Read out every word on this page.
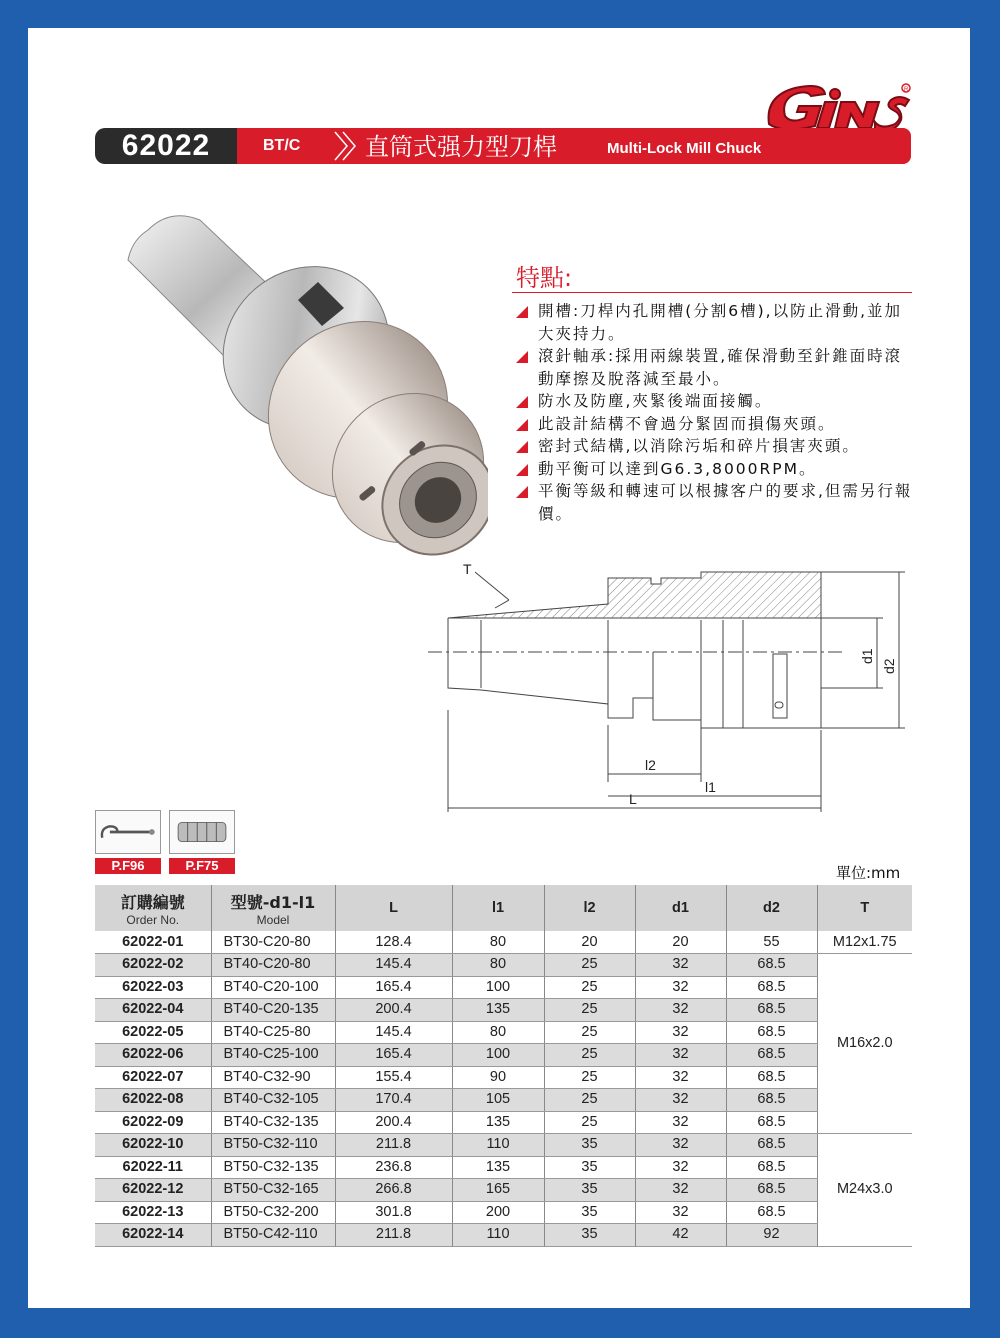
R
62022	BT/C	直筒式强力型刀桿	Multi-Lock Mill Chuck
特點:
開槽:刀桿内孔開槽(分割6槽),以防止滑動,並加大夾持力。
滾針軸承:採用兩線裝置,確保滑動至針錐面時滾動摩擦及脫落減至最小。
防水及防塵,夾緊後端面接觸。
此設計結構不會過分緊固而損傷夾頭。
密封式結構,以消除污垢和碎片損害夾頭。
動平衡可以達到G6.3,8000RPM。
平衡等級和轉速可以根據客户的要求,但需另行報價。
T
l2
l1
L
d1
d2
P.F96	P.F75	單位:mm
訂購編號
Order No.	型號-d1-l1
Model	L	l1	l2	d1	d2	T
62022-01	BT30-C20-80	128.4	80	20	20	55	M12x1.75
62022-02	BT40-C20-80	145.4	80	25	32	68.5	M16x2.0
62022-03	BT40-C20-100	165.4	100	25	32	68.5	
62022-04	BT40-C20-135	200.4	135	25	32	68.5	
62022-05	BT40-C25-80	145.4	80	25	32	68.5	
62022-06	BT40-C25-100	165.4	100	25	32	68.5	
62022-07	BT40-C32-90	155.4	90	25	32	68.5	
62022-08	BT40-C32-105	170.4	105	25	32	68.5	
62022-09	BT40-C32-135	200.4	135	25	32	68.5	
62022-10	BT50-C32-110	211.8	110	35	32	68.5	M24x3.0
62022-11	BT50-C32-135	236.8	135	35	32	68.5	
62022-12	BT50-C32-165	266.8	165	35	32	68.5	
62022-13	BT50-C32-200	301.8	200	35	32	68.5	
62022-14	BT50-C42-110	211.8	110	35	42	92	
